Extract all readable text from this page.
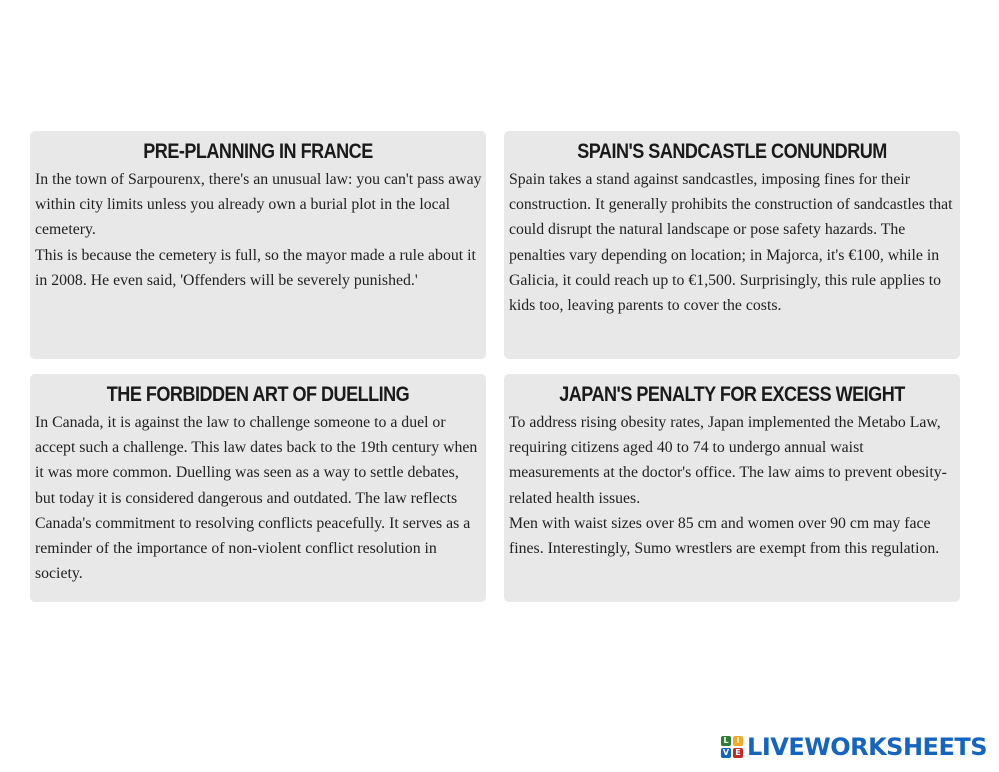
PRE-PLANNING IN FRANCE

In the town of Sarpourenx, there's an unusual law: you can't pass away within city limits unless you already own a burial plot in the local cemetery.

This is because the cemetery is full, so the mayor made a rule about it in 2008. He even said, 'Offenders will be severely punished.'

SPAIN'S SANDCASTLE CONUNDRUM

Spain takes a stand against sandcastles, imposing fines for their construction. It generally prohibits the construction of sandcastles that could disrupt the natural landscape or pose safety hazards. The penalties vary depending on location; in Majorca, it's €100, while in Galicia, it could reach up to €1,500. Surprisingly, this rule applies to kids too, leaving parents to cover the costs.

THE FORBIDDEN ART OF DUELLING

In Canada, it is against the law to challenge someone to a duel or accept such a challenge. This law dates back to the 19th century when it was more common. Duelling was seen as a way to settle debates, but today it is considered dangerous and outdated. The law reflects Canada's commitment to resolving conflicts peacefully. It serves as a reminder of the importance of non-violent conflict resolution in society.

JAPAN'S PENALTY FOR EXCESS WEIGHT

To address rising obesity rates, Japan implemented the Metabo Law, requiring citizens aged 40 to 74 to undergo annual waist measurements at the doctor's office. The law aims to prevent obesity-related health issues.

Men with waist sizes over 85 cm and women over 90 cm may face fines. Interestingly, Sumo wrestlers are exempt from this regulation.

L I
V E LIVEWORKSHEETS
